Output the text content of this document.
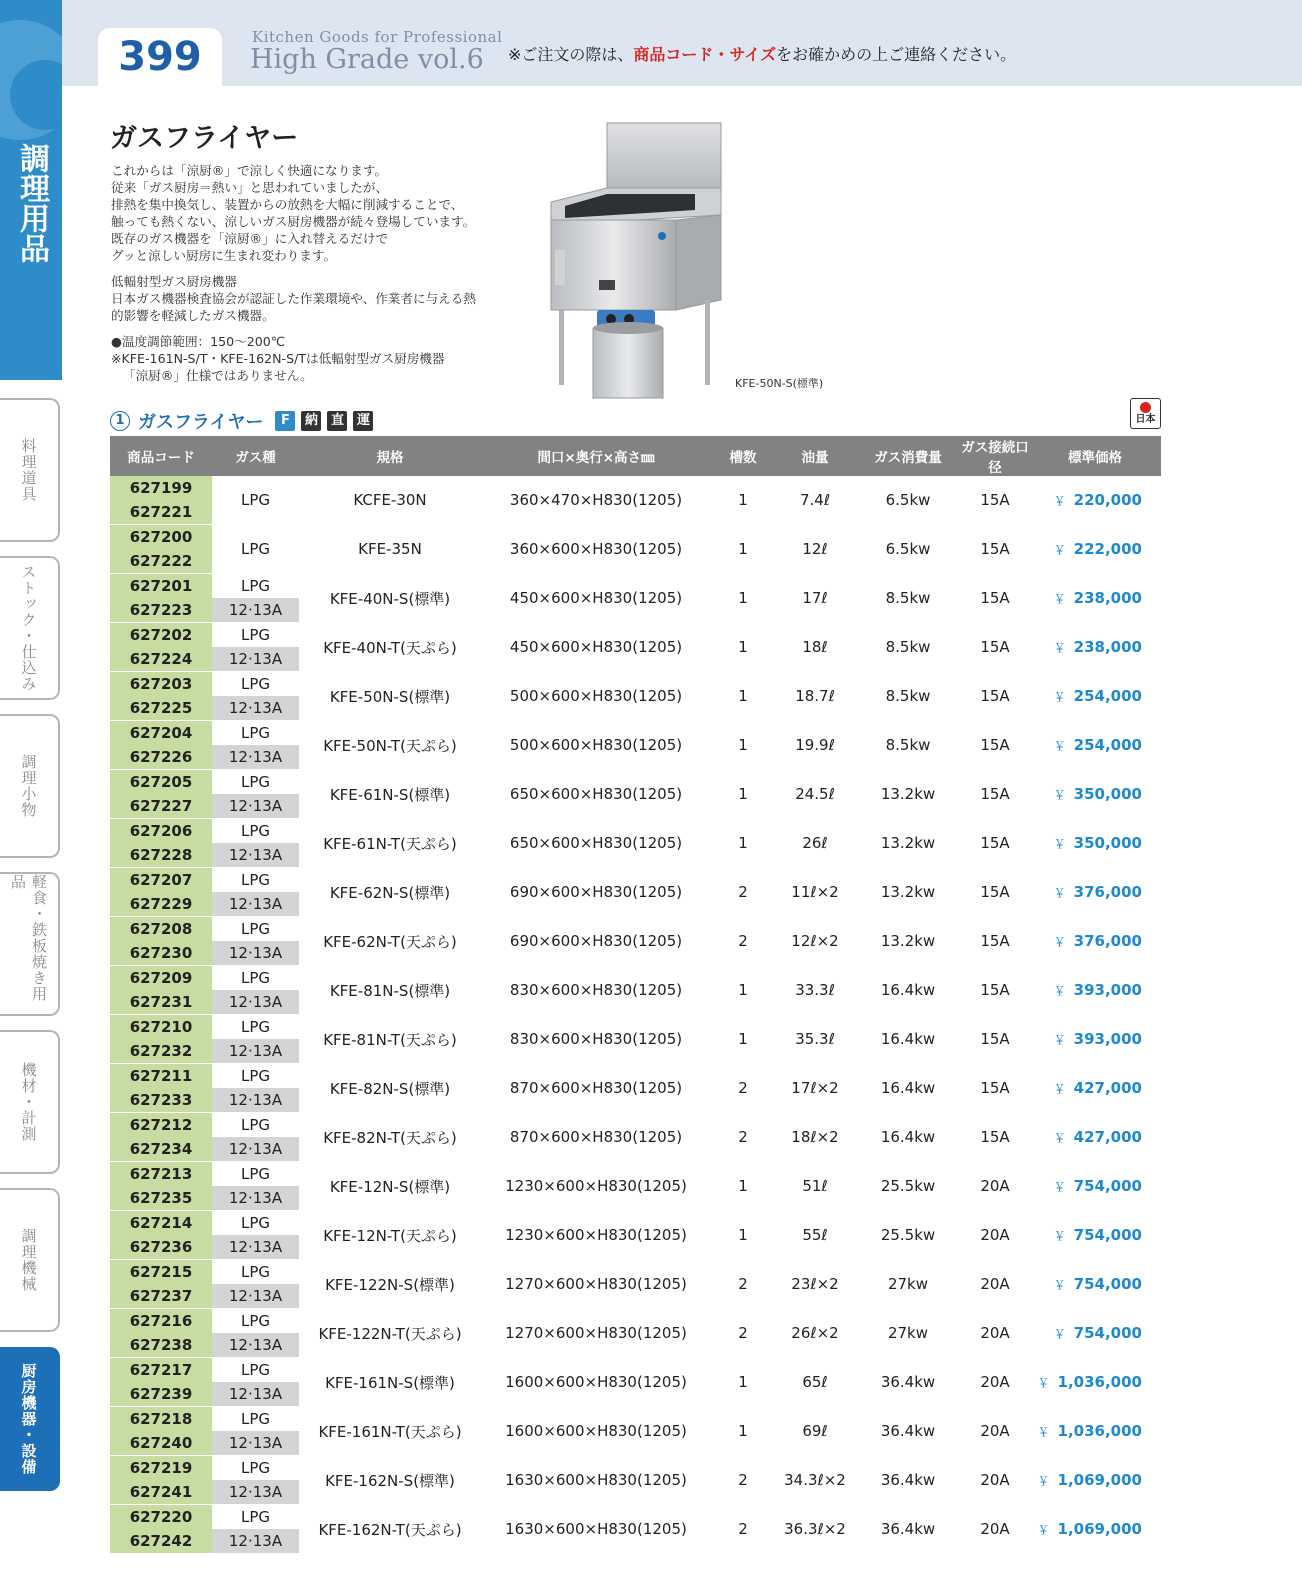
調理用品
399	Kitchen Goods for Professional
High Grade vol.6 ※ご注文の際は、商品コード・サイズをお確かめの上ご連絡ください。
料理道具
ストック・仕込み
調理小物
軽食・鉄板焼き用品
機材・計測
調理機械
厨房機器・設備
ガスフライヤー

これからは「涼厨®」で涼しく快適になります。

従来「ガス厨房＝熱い」と思われていましたが、

排熱を集中換気し、装置からの放熱を大幅に削減することで、

触っても熱くない、涼しいガス厨房機器が続々登場しています。

既存のガス機器を「涼厨®」に入れ替えるだけで

グッと涼しい厨房に生まれ変わります。

低輻射型ガス厨房機器

日本ガス機器検査協会が認証した作業環境や、作業者に与える熱

的影響を軽減したガス機器。

●温度調節範囲：150～200℃

※KFE-161N-S/T・KFE-162N-S/Tは低輻射型ガス厨房機器

「涼厨®」仕様ではありません。

KFE-50N-S(標準)
1 ガスフライヤー	F	納 直 運	日本
商品コード	ガス種	規格	間口×奥行×高さ㎜	槽数	油量	ガス消費量	ガス接続口径	標準価格
627199	LPG	KCFE-30N	360×470×H830(1205)	1	7.4ℓ	6.5kw	15A	￥ 220,000
627221								
627200	LPG	KFE-35N	360×600×H830(1205)	1	12ℓ	6.5kw	15A	￥ 222,000
627222								
627201	LPG	KFE-40N-S(標準)	450×600×H830(1205)	1	17ℓ	8.5kw	15A	￥ 238,000
627223	12·13A							
627202	LPG	KFE-40N-T(天ぷら)	450×600×H830(1205)	1	18ℓ	8.5kw	15A	￥ 238,000
627224	12·13A							
627203	LPG	KFE-50N-S(標準)	500×600×H830(1205)	1	18.7ℓ	8.5kw	15A	￥ 254,000
627225	12·13A							
627204	LPG	KFE-50N-T(天ぷら)	500×600×H830(1205)	1	19.9ℓ	8.5kw	15A	￥ 254,000
627226	12·13A							
627205	LPG	KFE-61N-S(標準)	650×600×H830(1205)	1	24.5ℓ	13.2kw	15A	￥ 350,000
627227	12·13A							
627206	LPG	KFE-61N-T(天ぷら)	650×600×H830(1205)	1	26ℓ	13.2kw	15A	￥ 350,000
627228	12·13A							
627207	LPG	KFE-62N-S(標準)	690×600×H830(1205)	2	11ℓ×2	13.2kw	15A	￥ 376,000
627229	12·13A							
627208	LPG	KFE-62N-T(天ぷら)	690×600×H830(1205)	2	12ℓ×2	13.2kw	15A	￥ 376,000
627230	12·13A							
627209	LPG	KFE-81N-S(標準)	830×600×H830(1205)	1	33.3ℓ	16.4kw	15A	￥ 393,000
627231	12·13A							
627210	LPG	KFE-81N-T(天ぷら)	830×600×H830(1205)	1	35.3ℓ	16.4kw	15A	￥ 393,000
627232	12·13A							
627211	LPG	KFE-82N-S(標準)	870×600×H830(1205)	2	17ℓ×2	16.4kw	15A	￥ 427,000
627233	12·13A							
627212	LPG	KFE-82N-T(天ぷら)	870×600×H830(1205)	2	18ℓ×2	16.4kw	15A	￥ 427,000
627234	12·13A							
627213	LPG	KFE-12N-S(標準)	1230×600×H830(1205)	1	51ℓ	25.5kw	20A	￥ 754,000
627235	12·13A							
627214	LPG	KFE-12N-T(天ぷら)	1230×600×H830(1205)	1	55ℓ	25.5kw	20A	￥ 754,000
627236	12·13A							
627215	LPG	KFE-122N-S(標準)	1270×600×H830(1205)	2	23ℓ×2	27kw	20A	￥ 754,000
627237	12·13A							
627216	LPG	KFE-122N-T(天ぷら)	1270×600×H830(1205)	2	26ℓ×2	27kw	20A	￥ 754,000
627238	12·13A							
627217	LPG	KFE-161N-S(標準)	1600×600×H830(1205)	1	65ℓ	36.4kw	20A	￥ 1,036,000
627239	12·13A							
627218	LPG	KFE-161N-T(天ぷら)	1600×600×H830(1205)	1	69ℓ	36.4kw	20A	￥ 1,036,000
627240	12·13A							
627219	LPG	KFE-162N-S(標準)	1630×600×H830(1205)	2	34.3ℓ×2	36.4kw	20A	￥ 1,069,000
627241	12·13A							
627220	LPG	KFE-162N-T(天ぷら)	1630×600×H830(1205)	2	36.3ℓ×2	36.4kw	20A	￥ 1,069,000
627242	12·13A							
